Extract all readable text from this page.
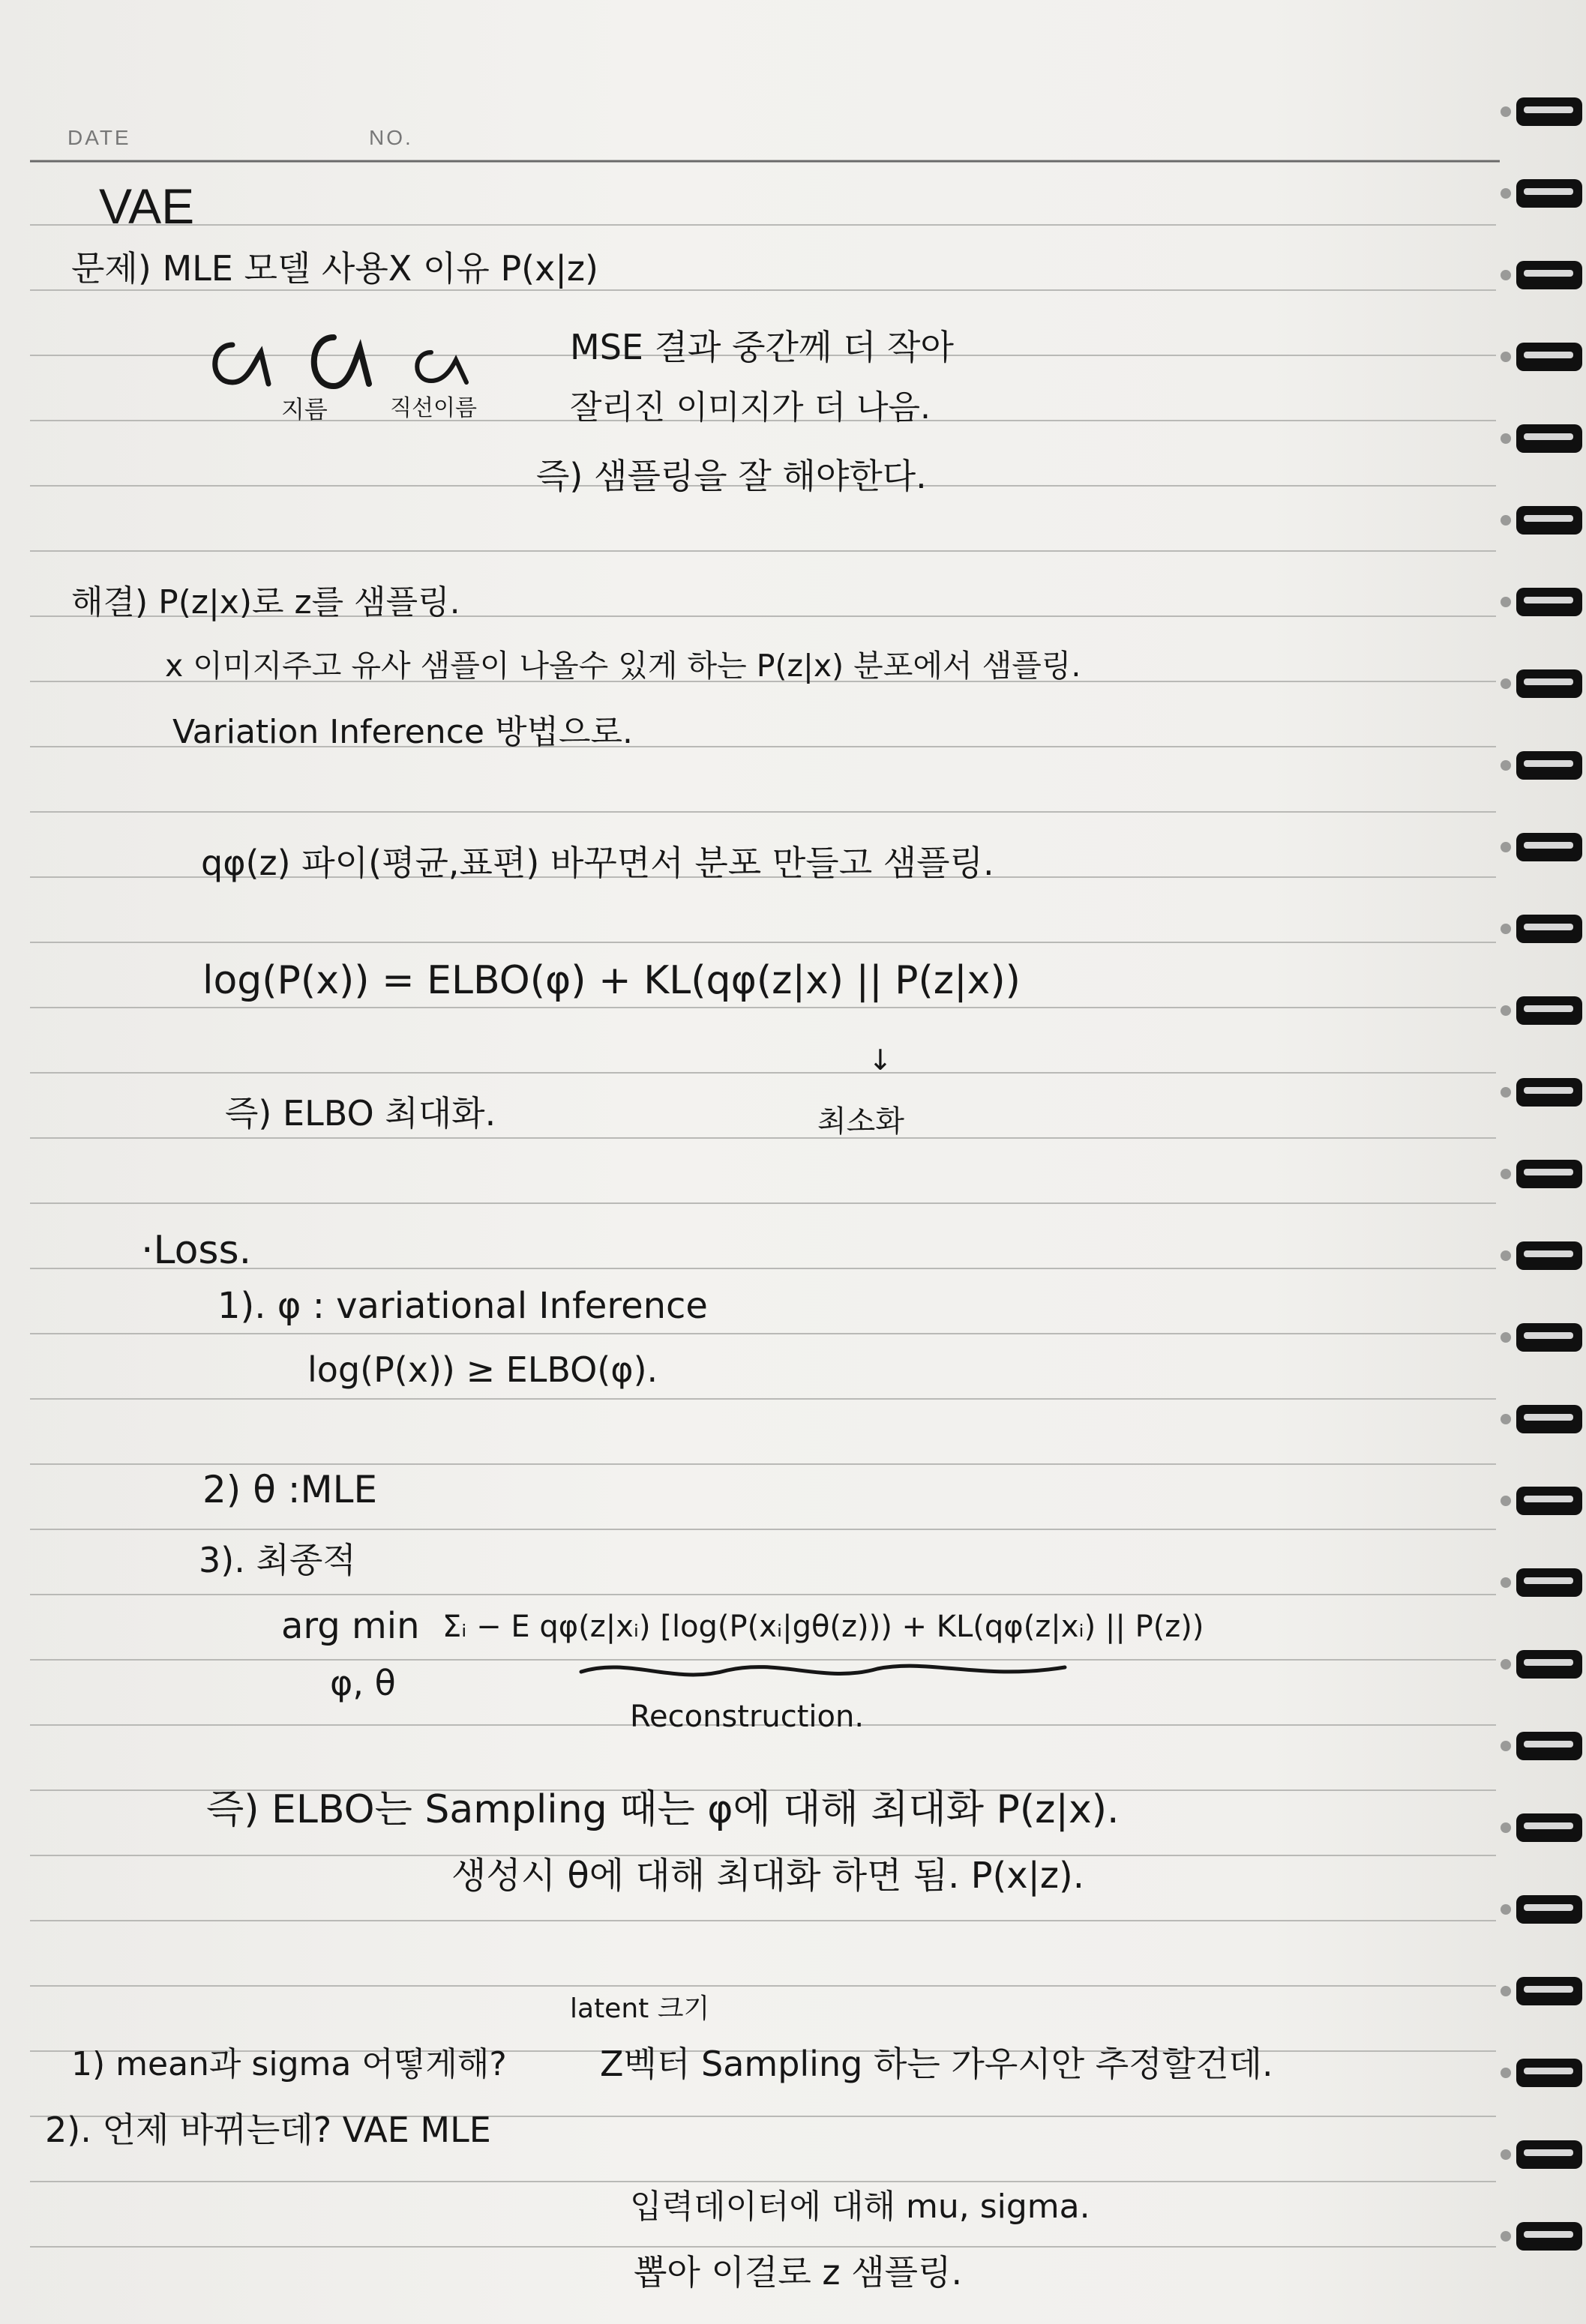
DATE	NO.
VAE
문제) MLE 모델 사용X 이유 P(x|z)
지름	직선이름
MSE 결과 중간께 더 작아
잘리진 이미지가 더 나음.
즉) 샘플링을 잘 해야한다.
해결) P(z|x)로 z를 샘플링.
x 이미지주고 유사 샘플이 나올수 있게 하는 P(z|x) 분포에서 샘플링.
Variation Inference 방법으로.
qφ(z) 파이(평균,표편) 바꾸면서 분포 만들고 샘플링.
log(P(x)) = ELBO(φ) + KL(qφ(z|x) || P(z|x))
↓
최소화
즉) ELBO 최대화.
·Loss.
1). φ : variational Inference
log(P(x)) ≥ ELBO(φ).
2) θ :MLE
3). 최종적
arg min
φ, θ
Σᵢ − E qφ(z|xᵢ) [log(P(xᵢ|gθ(z))) + KL(qφ(z|xᵢ) || P(z))
Reconstruction.
즉) ELBO는 Sampling 때는 φ에 대해 최대화 P(z|x).
생성시 θ에 대해 최대화 하면 됨. P(x|z).
latent 크기
1) mean과 sigma 어떻게해?	Z벡터 Sampling 하는 가우시안 추정할건데.
2). 언제 바뀌는데? VAE MLE
입력데이터에 대해 mu, sigma.
뽑아 이걸로 z 샘플링.
